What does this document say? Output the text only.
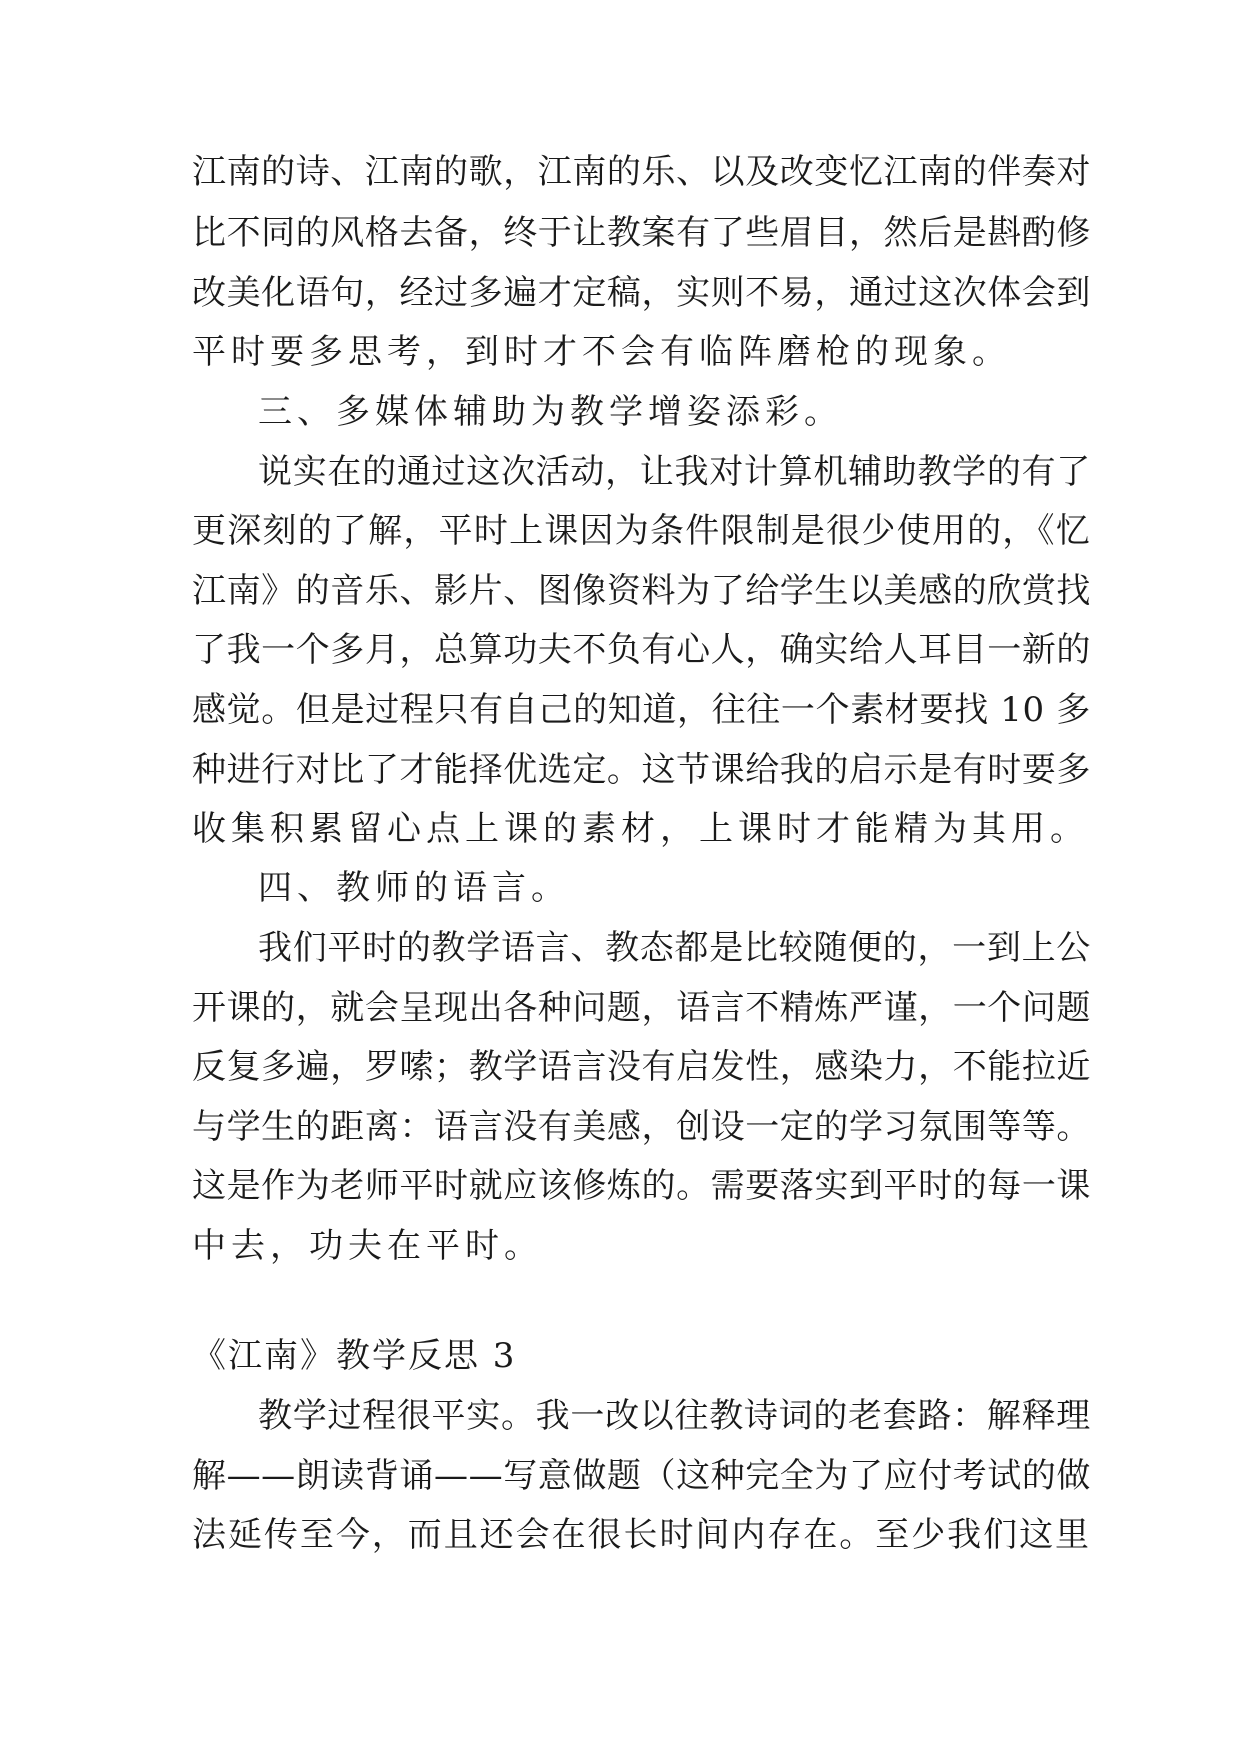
江南的诗、江南的歌，江南的乐、以及改变忆江南的伴奏对

比不同的风格去备，终于让教案有了些眉目，然后是斟酌修

改美化语句，经过多遍才定稿，实则不易，通过这次体会到

平时要多思考，到时才不会有临阵磨枪的现象。

三、多媒体辅助为教学增姿添彩。

说实在的通过这次活动，让我对计算机辅助教学的有了

更深刻的了解，平时上课因为条件限制是很少使用的，《忆

江南》的音乐、影片、图像资料为了给学生以美感的欣赏找

了我一个多月，总算功夫不负有心人，确实给人耳目一新的

感觉。但是过程只有自己的知道，往往一个素材要找 10 多

种进行对比了才能择优选定。这节课给我的启示是有时要多

收集积累留心点上课的素材，上课时才能精为其用。

四、教师的语言。

我们平时的教学语言、教态都是比较随便的，一到上公

开课的，就会呈现出各种问题，语言不精炼严谨，一个问题

反复多遍，罗嗦；教学语言没有启发性，感染力，不能拉近

与学生的距离：语言没有美感，创设一定的学习氛围等等。

这是作为老师平时就应该修炼的。需要落实到平时的每一课

中去，功夫在平时。

《江南》教学反思 3

教学过程很平实。我一改以往教诗词的老套路：解释理

解——朗读背诵——写意做题（这种完全为了应付考试的做

法延传至今，而且还会在很长时间内存在。至少我们这里
